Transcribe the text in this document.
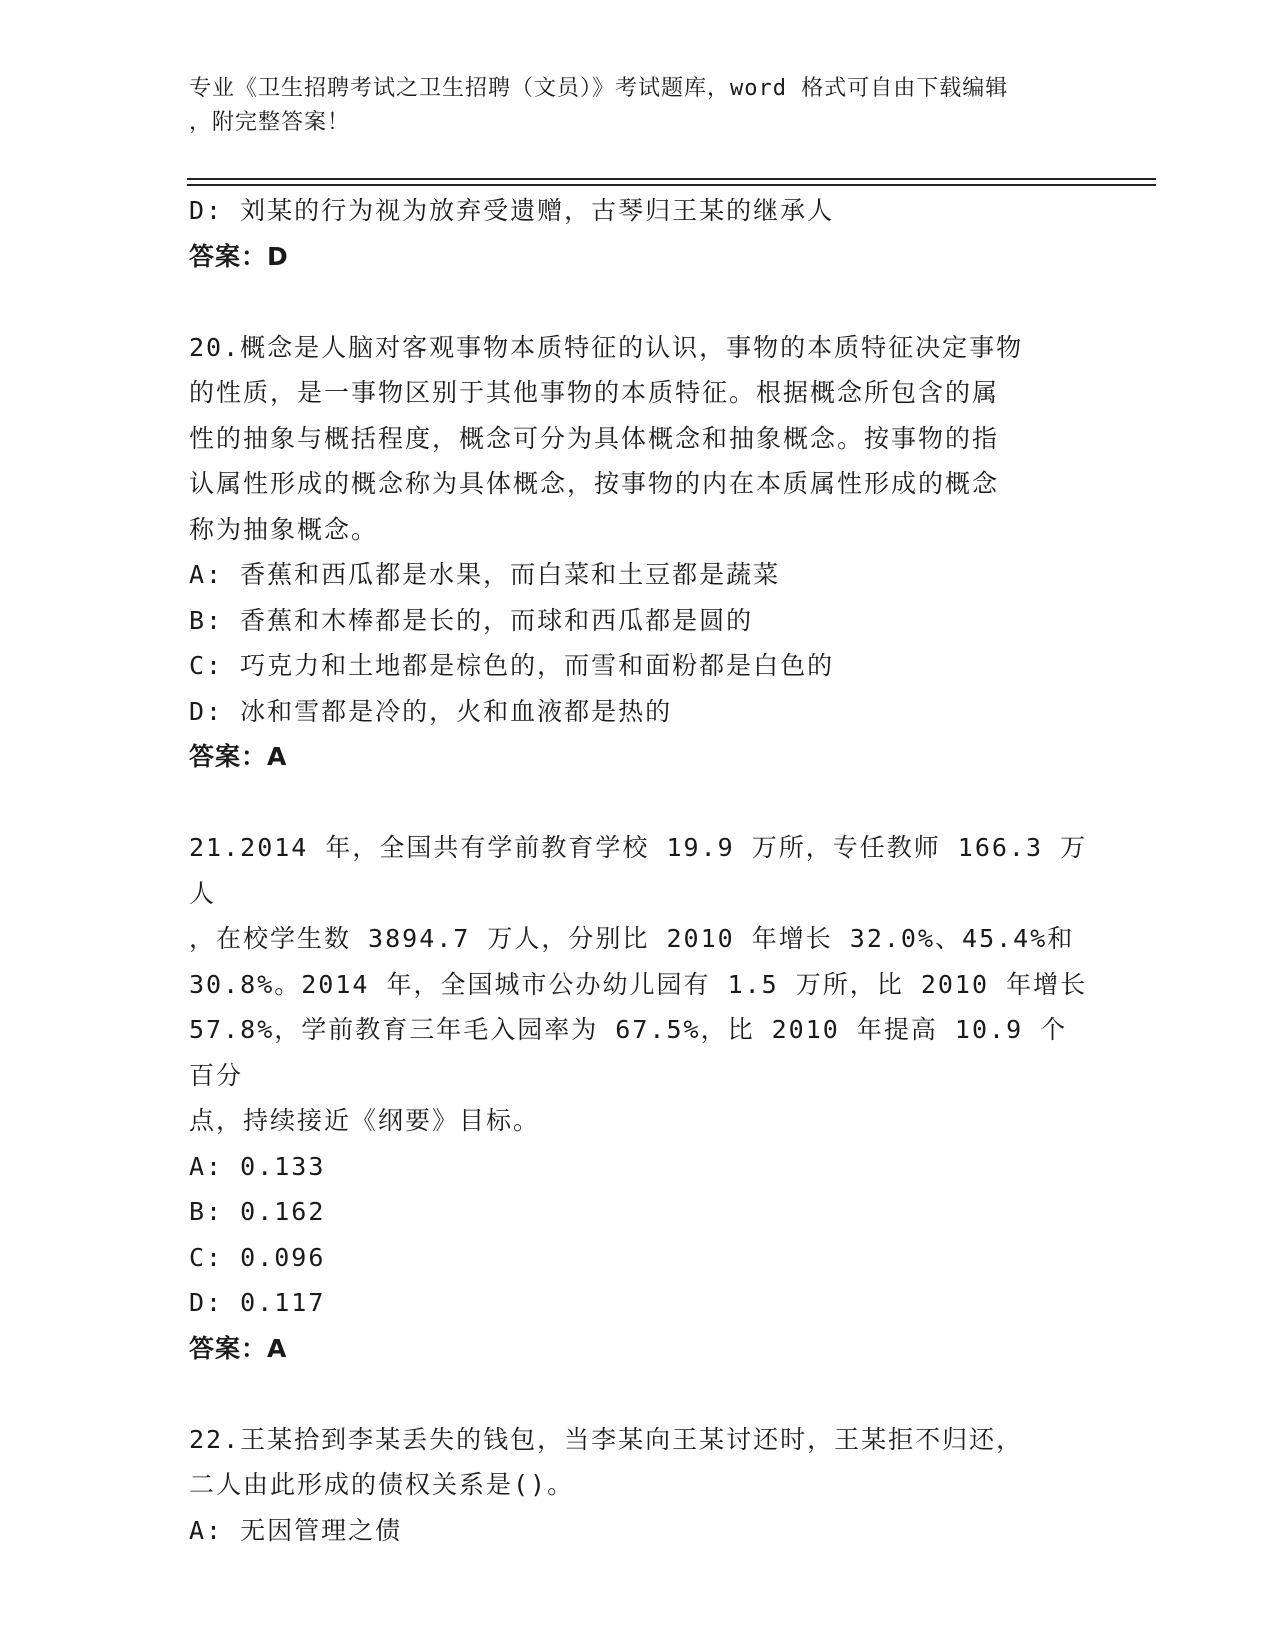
专业《卫生招聘考试之卫生招聘（文员）》考试题库，word 格式可自由下载编辑
，附完整答案！
D: 刘某的行为视为放弃受遗赠，古琴归王某的继承人
答案：D
20.概念是人脑对客观事物本质特征的认识，事物的本质特征决定事物
的性质，是一事物区别于其他事物的本质特征。根据概念所包含的属
性的抽象与概括程度，概念可分为具体概念和抽象概念。按事物的指
认属性形成的概念称为具体概念，按事物的内在本质属性形成的概念
称为抽象概念。
A: 香蕉和西瓜都是水果，而白菜和土豆都是蔬菜
B: 香蕉和木棒都是长的，而球和西瓜都是圆的
C: 巧克力和土地都是棕色的，而雪和面粉都是白色的
D: 冰和雪都是冷的，火和血液都是热的
答案：A
21.2014 年，全国共有学前教育学校 19.9 万所，专任教师 166.3 万人
，在校学生数 3894.7 万人，分别比 2010 年增长 32.0%、45.4%和
30.8%。2014 年，全国城市公办幼儿园有 1.5 万所，比 2010 年增长
57.8%，学前教育三年毛入园率为 67.5%，比 2010 年提高 10.9 个百分
点，持续接近《纲要》目标。
A: 0.133
B: 0.162
C: 0.096
D: 0.117
答案：A
22.王某拾到李某丢失的钱包，当李某向王某讨还时，王某拒不归还，
二人由此形成的债权关系是()。
A: 无因管理之债
